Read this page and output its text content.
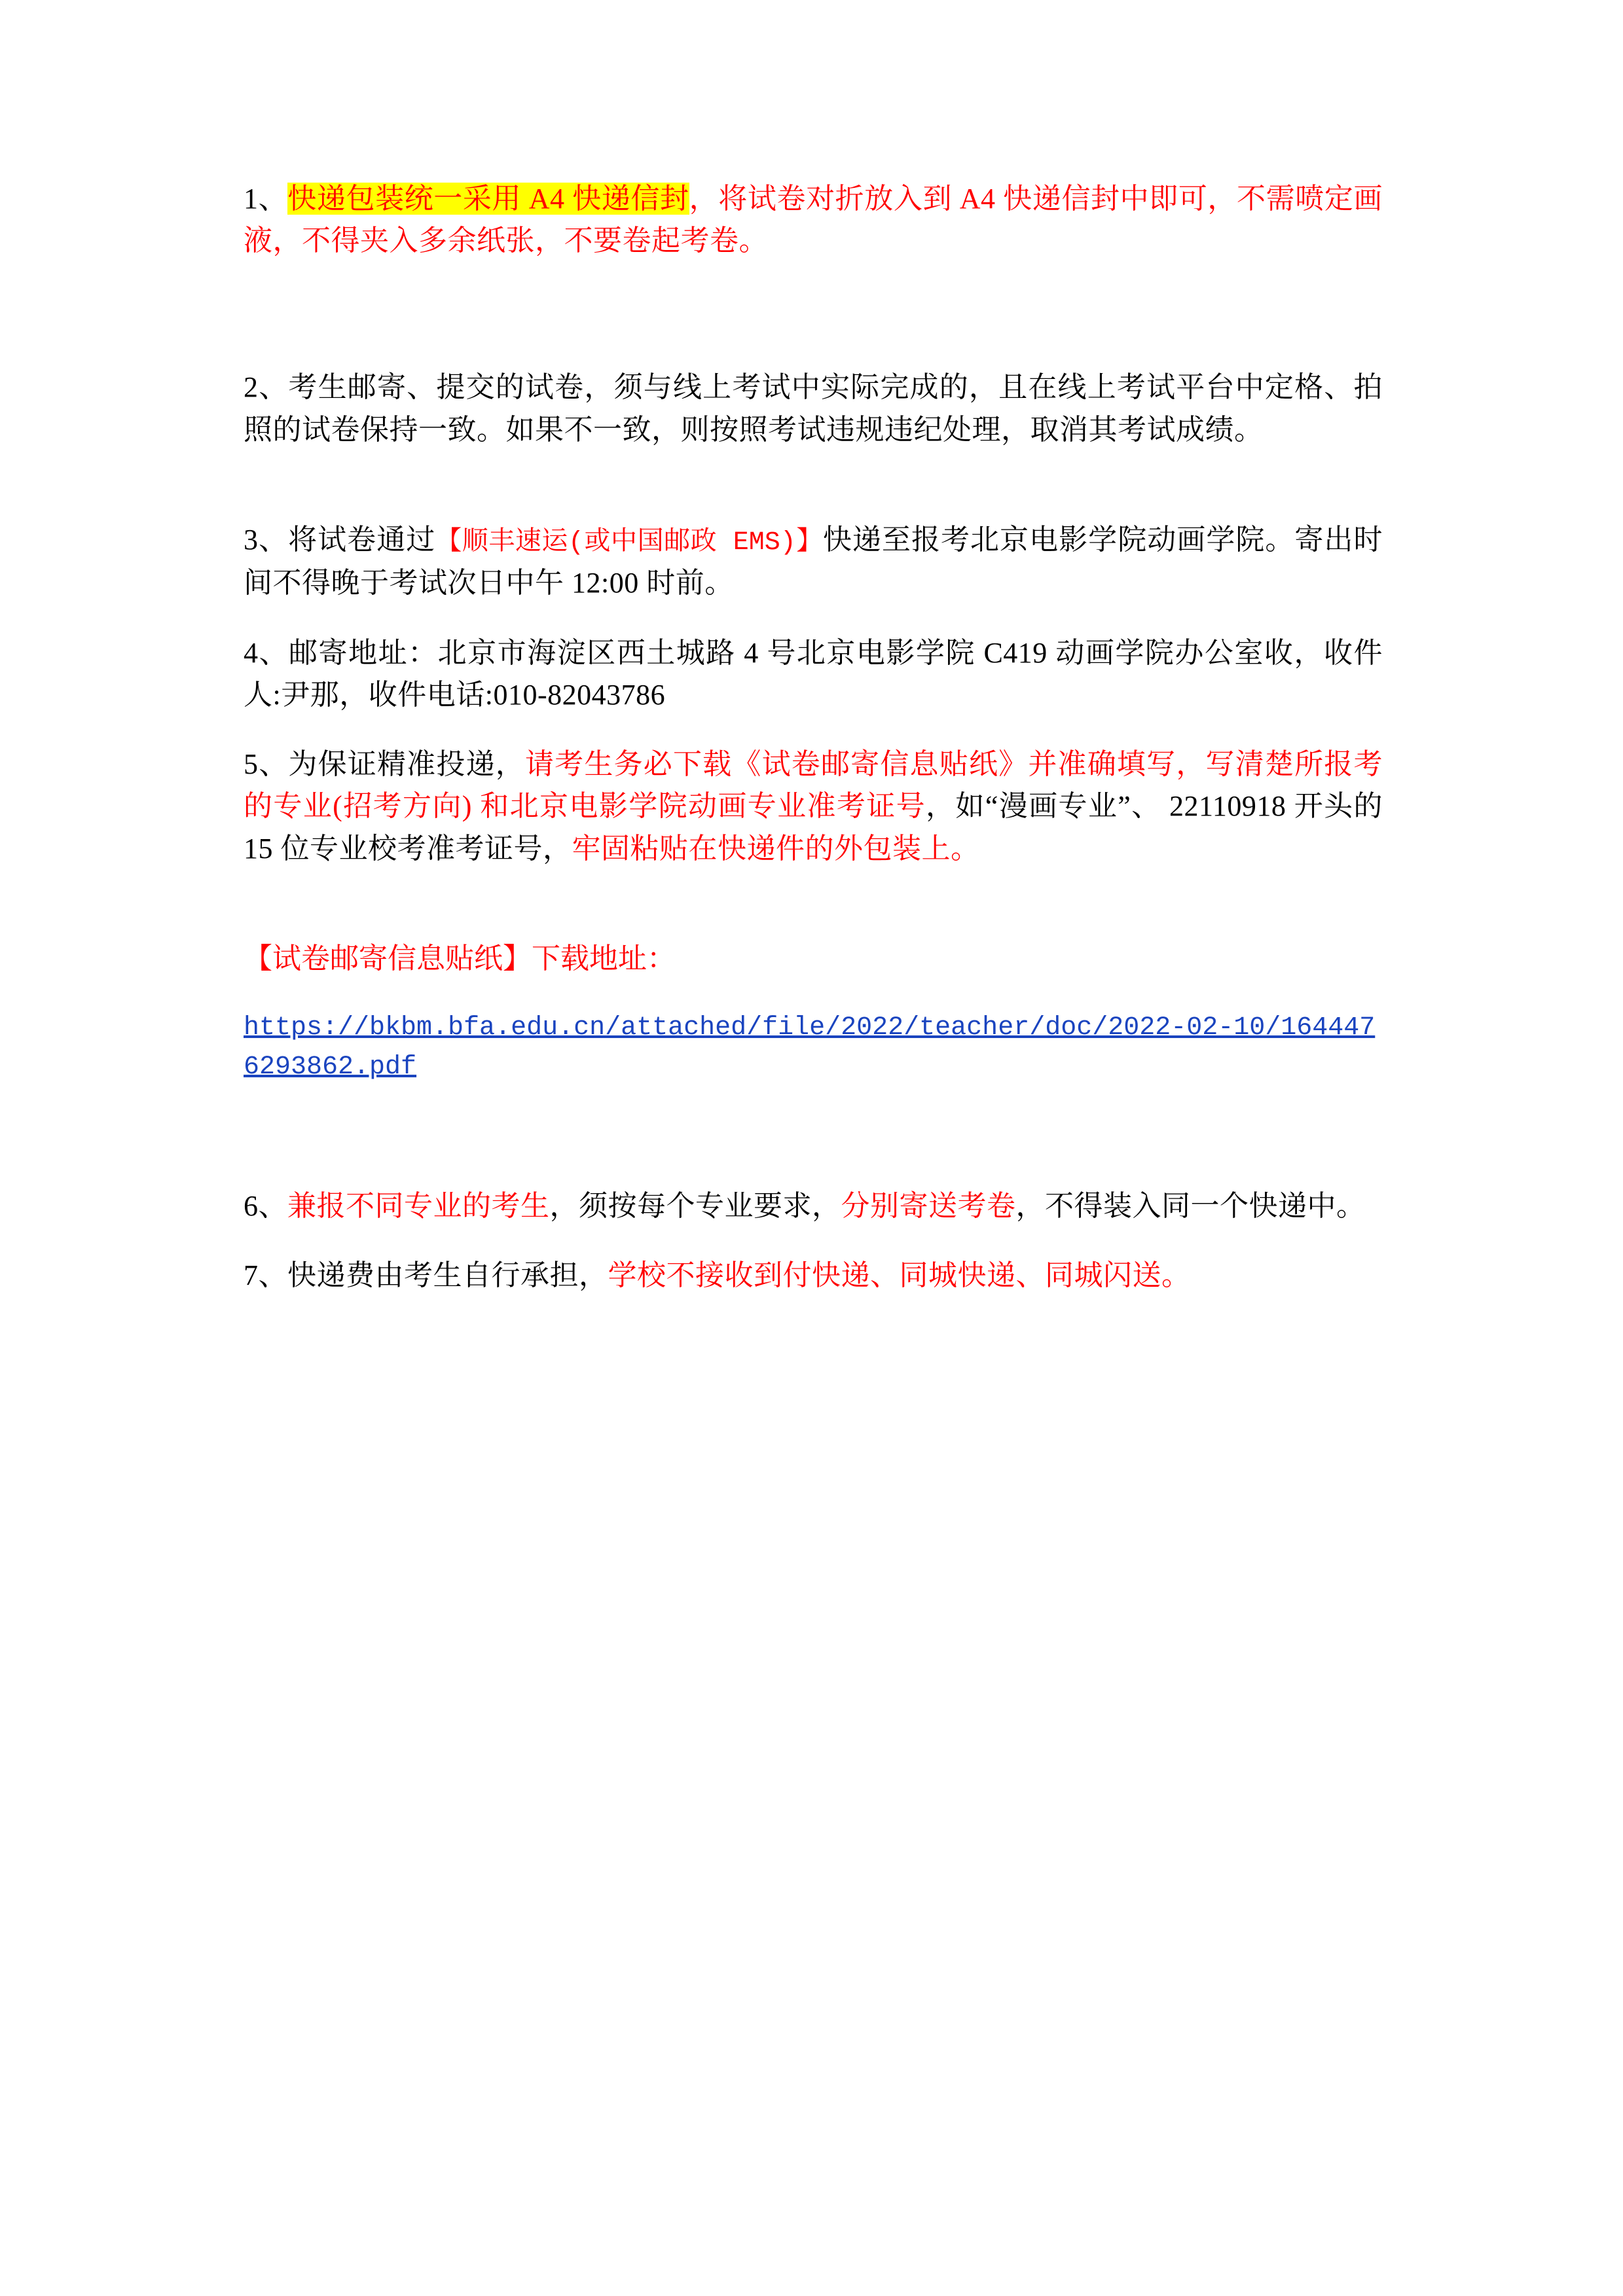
1、快递包装统一采用 A4 快递信封，将试卷对折放入到 A4 快递信封中即可，不需喷定画液，不得夹入多余纸张，不要卷起考卷。

2、考生邮寄、提交的试卷，须与线上考试中实际完成的，且在线上考试平台中定格、拍照的试卷保持一致。如果不一致，则按照考试违规违纪处理，取消其考试成绩。

3、将试卷通过【顺丰速运(或中国邮政 EMS)】快递至报考北京电影学院动画学院。寄出时间不得晚于考试次日中午 12:00 时前。

4、邮寄地址：北京市海淀区西土城路 4 号北京电影学院 C419 动画学院办公室收，收件人:尹那，收件电话:010-82043786

5、为保证精准投递，请考生务必下载《试卷邮寄信息贴纸》并准确填写，写清楚所报考的专业(招考方向) 和北京电影学院动画专业准考证号，如“漫画专业”、 22110918 开头的 15 位专业校考准考证号，牢固粘贴在快递件的外包装上。

【试卷邮寄信息贴纸】下载地址：

https://bkbm.bfa.edu.cn/attached/file/2022/teacher/doc/2022-02-10/1644476293862.pdf

6、兼报不同专业的考生，须按每个专业要求，分别寄送考卷，不得装入同一个快递中。

7、快递费由考生自行承担，学校不接收到付快递、同城快递、同城闪送。
